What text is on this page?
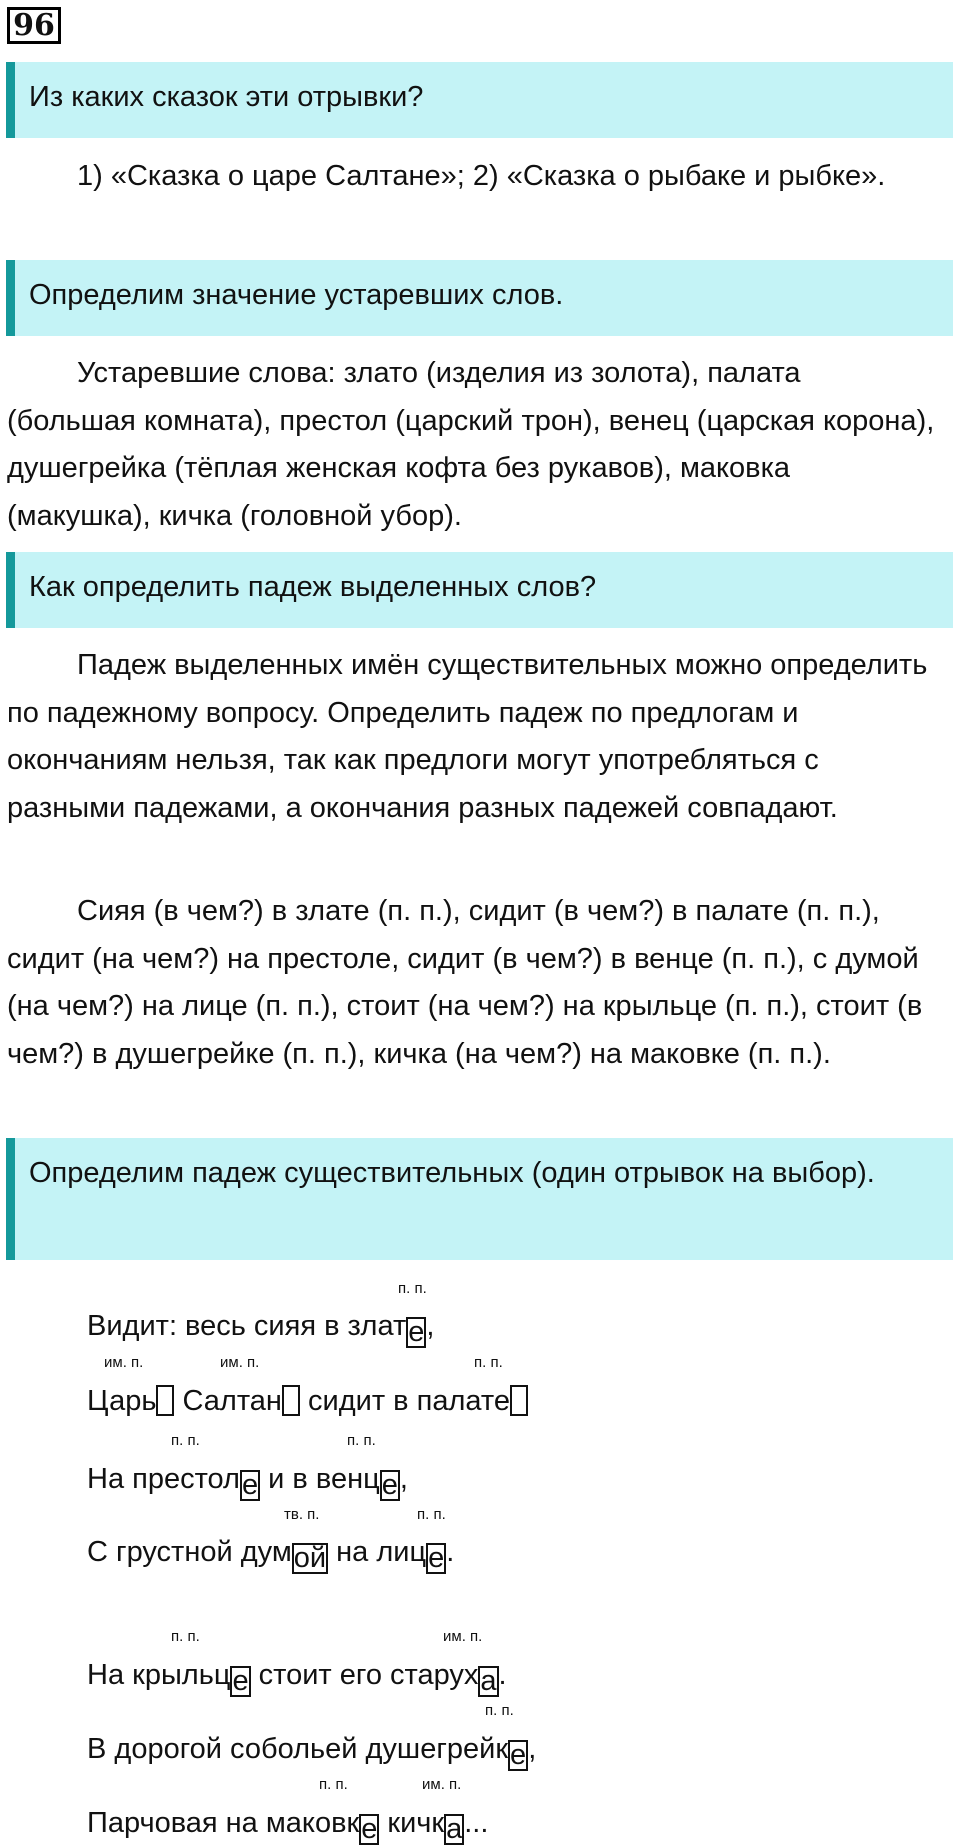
96
Из каких сказок эти отрывки?

1) «Сказка о царе Салтане»; 2) «Сказка о рыбаке и рыбке».

Определим значение устаревших слов.

Устаревшие слова: злато (изделия из золота), палата (большая комната), престол (царский трон), венец (царская корона), душегрейка (тёплая женская кофта без рукавов), маковка (макушка), кичка (головной убор).

Как определить падеж выделенных слов?

Падеж выделенных имён существительных можно определить по падежному вопросу. Определить падеж по предлогам и окончаниям нельзя, так как предлоги могут употребляться с разными падежами, а окончания разных падежей совпадают.

Сияя (в чем?) в злате (п. п.), сидит (в чем?) в палате (п. п.), сидит (на чем?) на престоле, сидит (в чем?) в венце (п. п.), с думой (на чем?) на лице (п. п.), стоит (на чем?) на крыльце (п. п.), стоит (в чем?) в душегрейке (п. п.), кичка (на чем?) на маковке (п. п.).

Определим падеж существительных (один отрывок на выбор).
п. п.
Видит: весь сияя в злате,
им. п.	им. п.	п. п.
Царь Салтан сидит в палате
п. п.	п. п.
На престоле и в венце,
тв. п.	п. п.
С грустной думой на лице.
п. п.	им. п.
На крыльце стоит его старуха.
п. п.
В дорогой собольей душегрейке,
п. п.	им. п.
Парчовая на маковке кичка...
